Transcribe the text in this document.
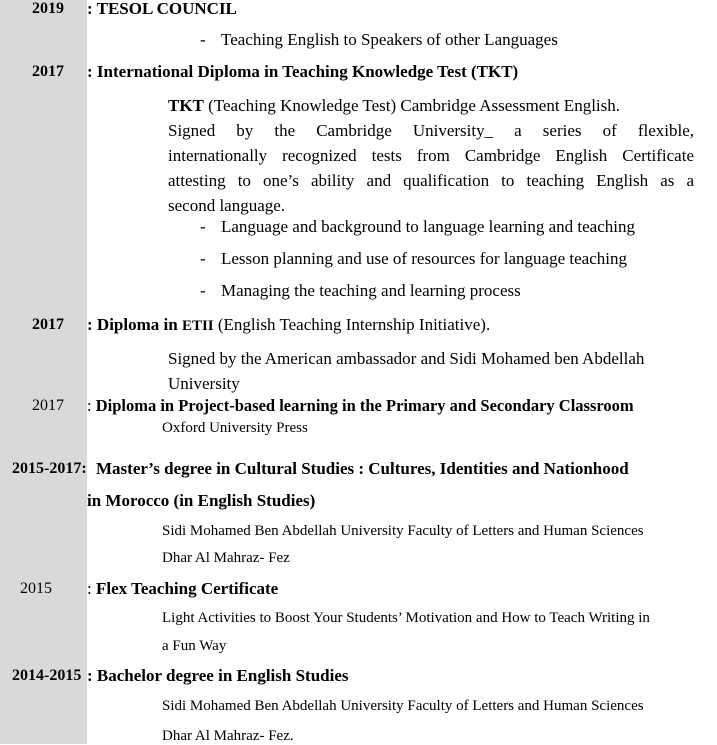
2019 : TESOL COUNCIL
- Teaching English to Speakers of other Languages
2017 : International Diploma in Teaching Knowledge Test (TKT)
TKT (Teaching Knowledge Test) Cambridge Assessment English.
Signed by the Cambridge University_ a series of flexible,
internationally recognized tests from Cambridge English Certificate
attesting to one’s ability and qualification to teaching English as a
second language.
- Language and background to language learning and teaching
- Lesson planning and use of resources for language teaching
- Managing the teaching and learning process
2017 : Diploma in ETII (English Teaching Internship Initiative).
Signed by the American ambassador and Sidi Mohamed ben Abdellah
University
2017 : Diploma in Project-based learning in the Primary and Secondary Classroom
Oxford University Press
2015-2017: Master’s degree in Cultural Studies : Cultures, Identities and Nationhood
in Morocco (in English Studies)
Sidi Mohamed Ben Abdellah University Faculty of Letters and Human Sciences
Dhar Al Mahraz- Fez
2015 : Flex Teaching Certificate
Light Activities to Boost Your Students’ Motivation and How to Teach Writing in
a Fun Way
2014-2015 : Bachelor degree in English Studies
Sidi Mohamed Ben Abdellah University Faculty of Letters and Human Sciences
Dhar Al Mahraz- Fez.
